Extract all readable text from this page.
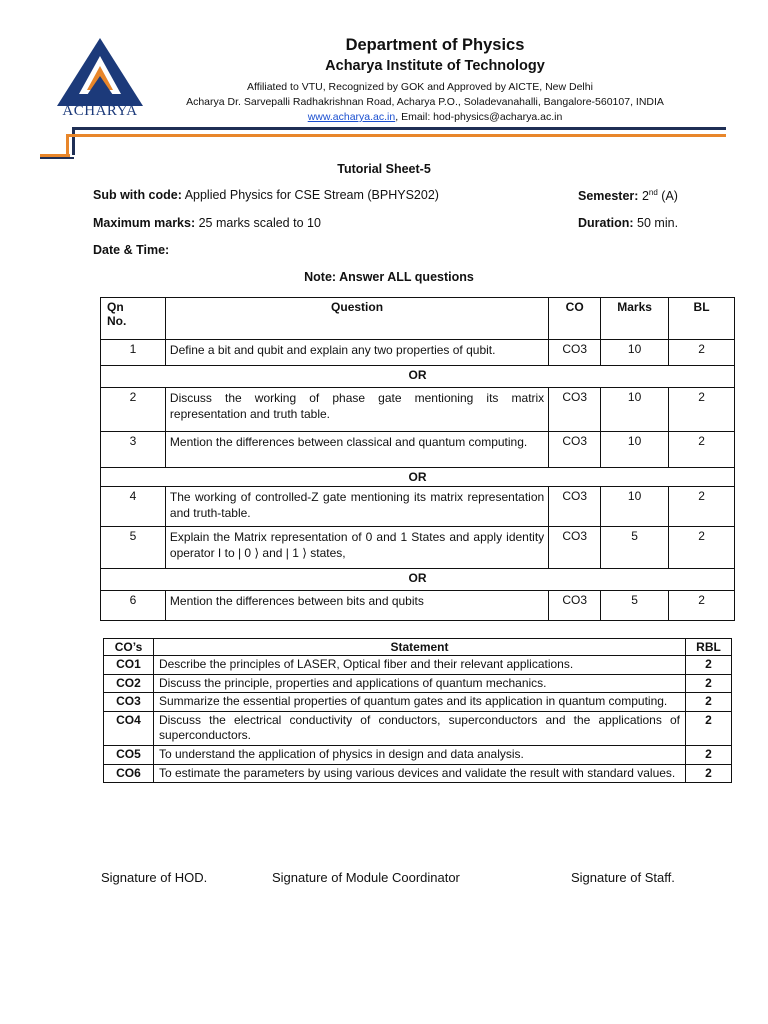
ACHARYA
Department of Physics
Acharya Institute of Technology
Affiliated to VTU, Recognized by GOK and Approved by AICTE, New Delhi
Acharya Dr. Sarvepalli Radhakrishnan Road, Acharya P.O., Soladevanahalli, Bangalore-560107, INDIA
www.acharya.ac.in, Email: hod-physics@acharya.ac.in
Tutorial Sheet-5
Sub with code: Applied Physics for CSE Stream (BPHYS202)	Semester: 2nd (A)
Maximum marks: 25 marks scaled to 10	Duration: 50 min.
Date & Time:
Note: Answer ALL questions
Qn
No.	Question	CO	Marks	BL
1	Define a bit and qubit and explain any two properties of qubit.	CO3	10	2
OR				
2	Discuss the working of phase gate mentioning its matrix representation and truth table.	CO3	10	2
3	Mention the differences between classical and quantum computing.	CO3	10	2
OR				
4	The working of controlled-Z gate mentioning its matrix representation and truth-table.	CO3	10	2
5	Explain the Matrix representation of 0 and 1 States and apply identity operator I to | 0 ⟩ and | 1 ⟩ states,	CO3	5	2
OR				
6	Mention the differences between bits and qubits	CO3	5	2
CO’s	Statement	RBL
CO1	Describe the principles of LASER, Optical fiber and their relevant applications.	2
CO2	Discuss the principle, properties and applications of quantum mechanics.	2
CO3	Summarize the essential properties of quantum gates and its application in quantum computing.	2
CO4	Discuss the electrical conductivity of conductors, superconductors and the applications of superconductors.	2
CO5	To understand the application of physics in design and data analysis.	2
CO6	To estimate the parameters by using various devices and validate the result with standard values.	2
Signature of HOD.	Signature of Module Coordinator	Signature of Staff.
